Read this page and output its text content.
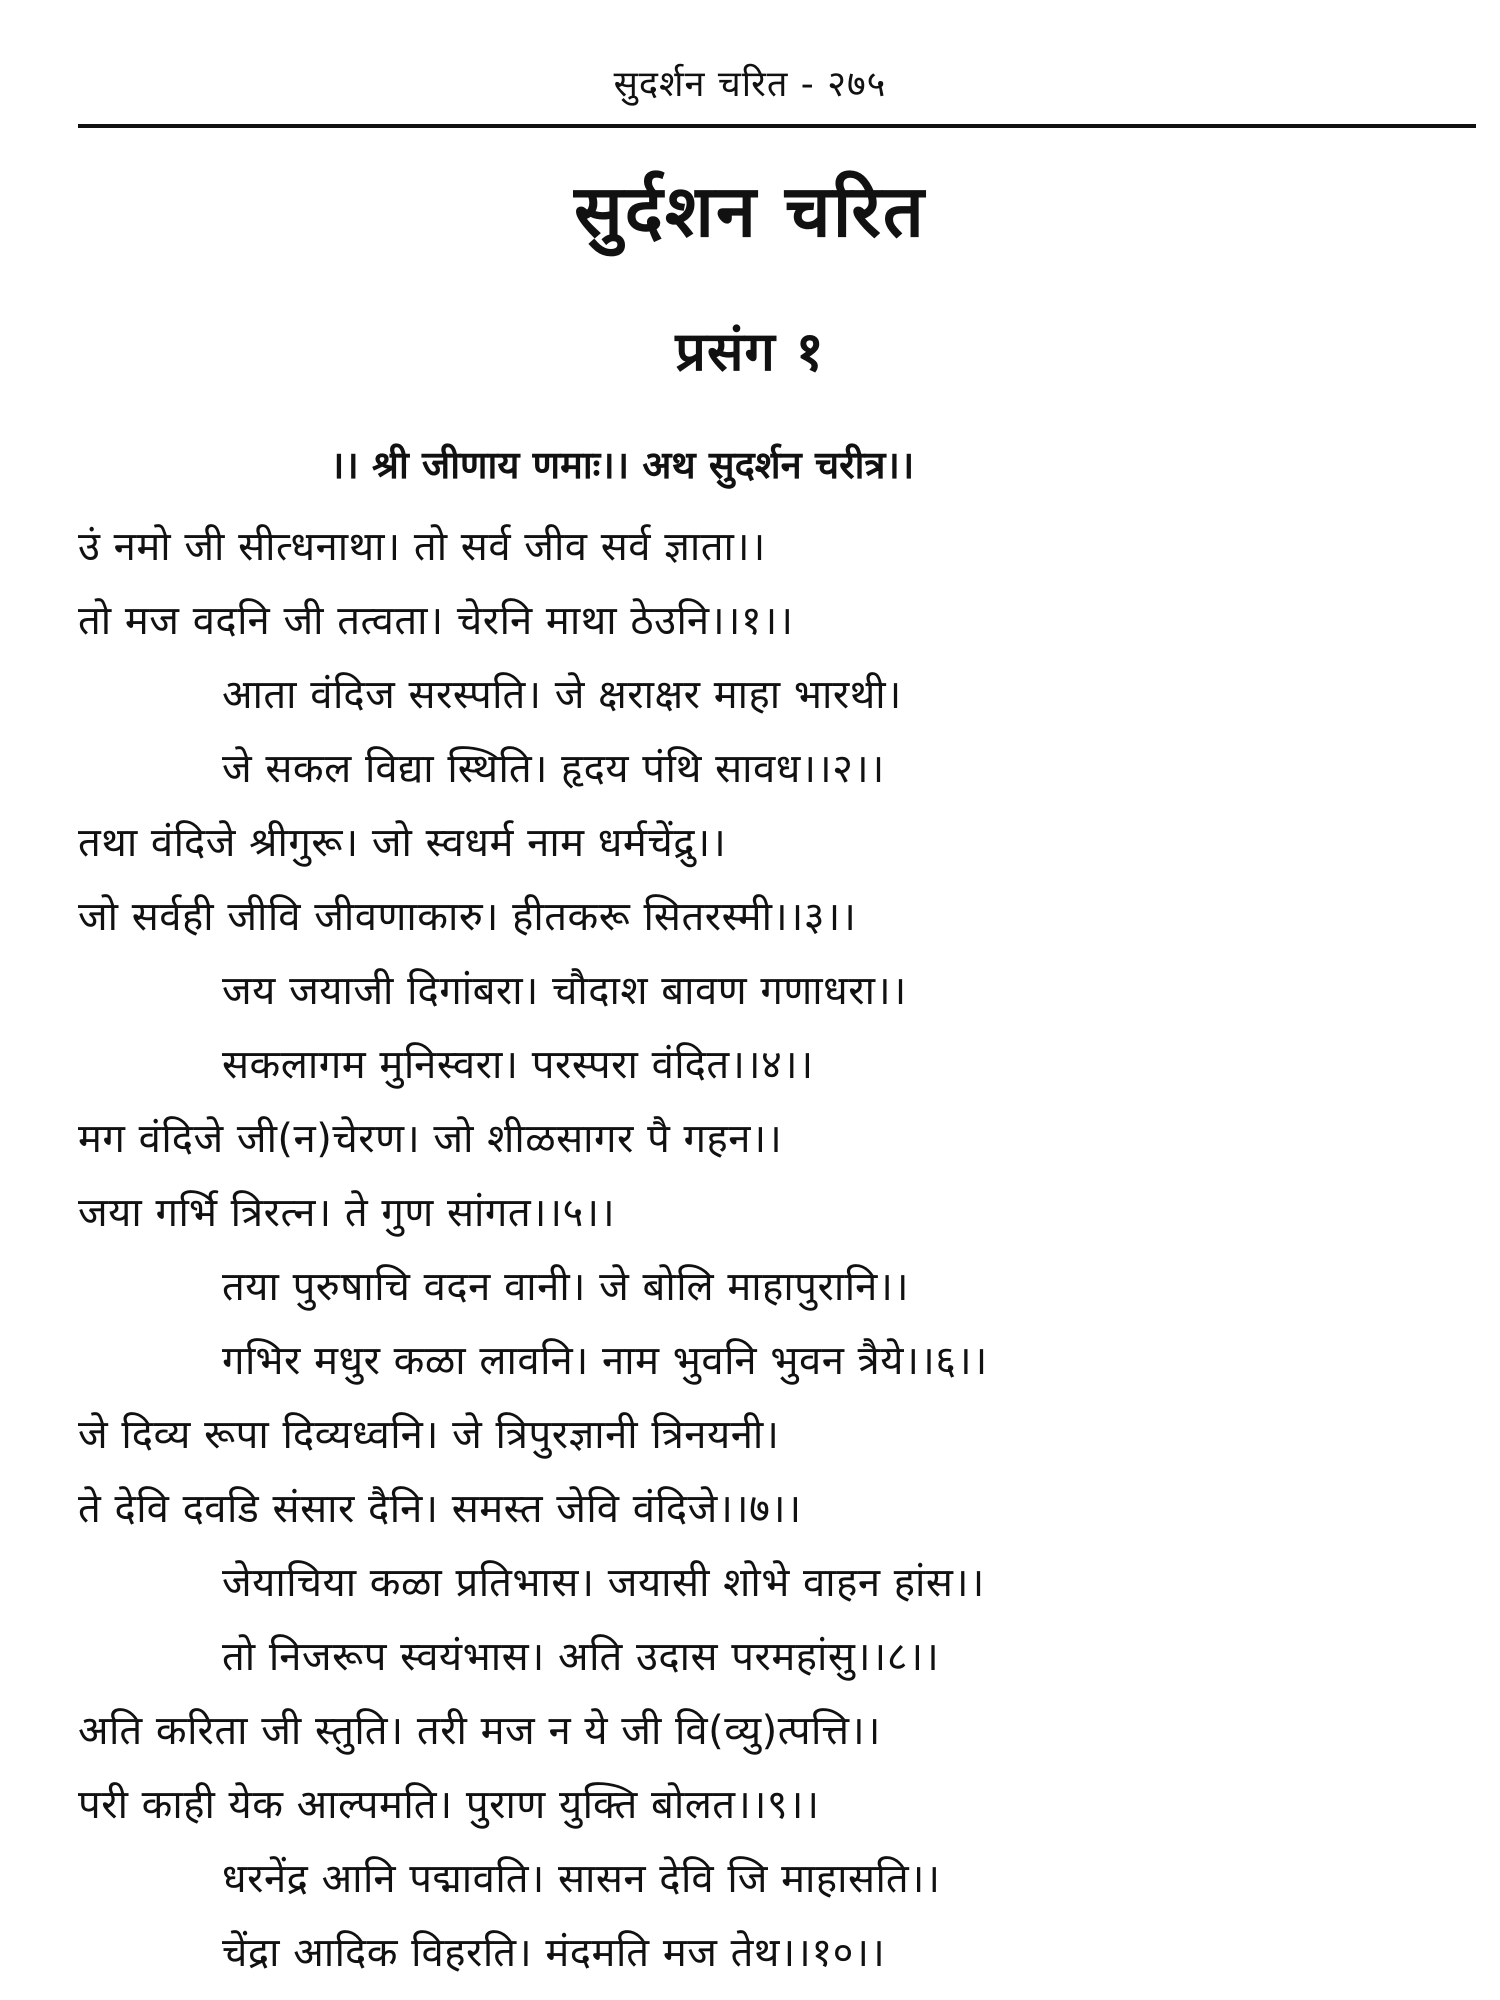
सुदर्शन चरित - २७५
सुर्दशन चरित
प्रसंग १
।। श्री जीणाय णमाः।। अथ सुदर्शन चरीत्र।।
उं नमो जी सीत्धनाथा। तो सर्व जीव सर्व ज्ञाता।।
तो मज वदनि जी तत्वता। चेरनि माथा ठेउनि।।१।।
आता वंदिज सरस्पति। जे क्षराक्षर माहा भारथी।
जे सकल विद्या स्थिति। हृदय पंथि सावध।।२।।
तथा वंदिजे श्रीगुरू। जो स्वधर्म नाम धर्मचेंद्रु।।
जो सर्वही जीवि जीवणाकारु। हीतकरू सितरस्मी।।३।।
जय जयाजी दिगांबरा। चौदाश बावण गणाधरा।।
सकलागम मुनिस्वरा। परस्परा वंदित।।४।।
मग वंदिजे जी(न)चेरण। जो शीळसागर पै गहन।।
जया गर्भि त्रिरत्न। ते गुण सांगत।।५।।
तया पुरुषाचि वदन वानी। जे बोलि माहापुरानि।।
गभिर मधुर कळा लावनि। नाम भुवनि भुवन त्रैये।।६।।
जे दिव्य रूपा दिव्यध्वनि। जे त्रिपुरज्ञानी त्रिनयनी।
ते देवि दवडि संसार दैनि। समस्त जेवि वंदिजे।।७।।
जेयाचिया कळा प्रतिभास। जयासी शोभे वाहन हांस।।
तो निजरूप स्वयंभास। अति उदास परमहांसु।।८।।
अति करिता जी स्तुति। तरी मज न ये जी वि(व्यु)त्पत्ति।।
परी काही येक आल्पमति। पुराण युक्ति बोलत।।९।।
धरनेंद्र आनि पद्मावति। सासन देवि जि माहासति।।
चेंद्रा आदिक विहरति। मंदमति मज तेथ।।१०।।
